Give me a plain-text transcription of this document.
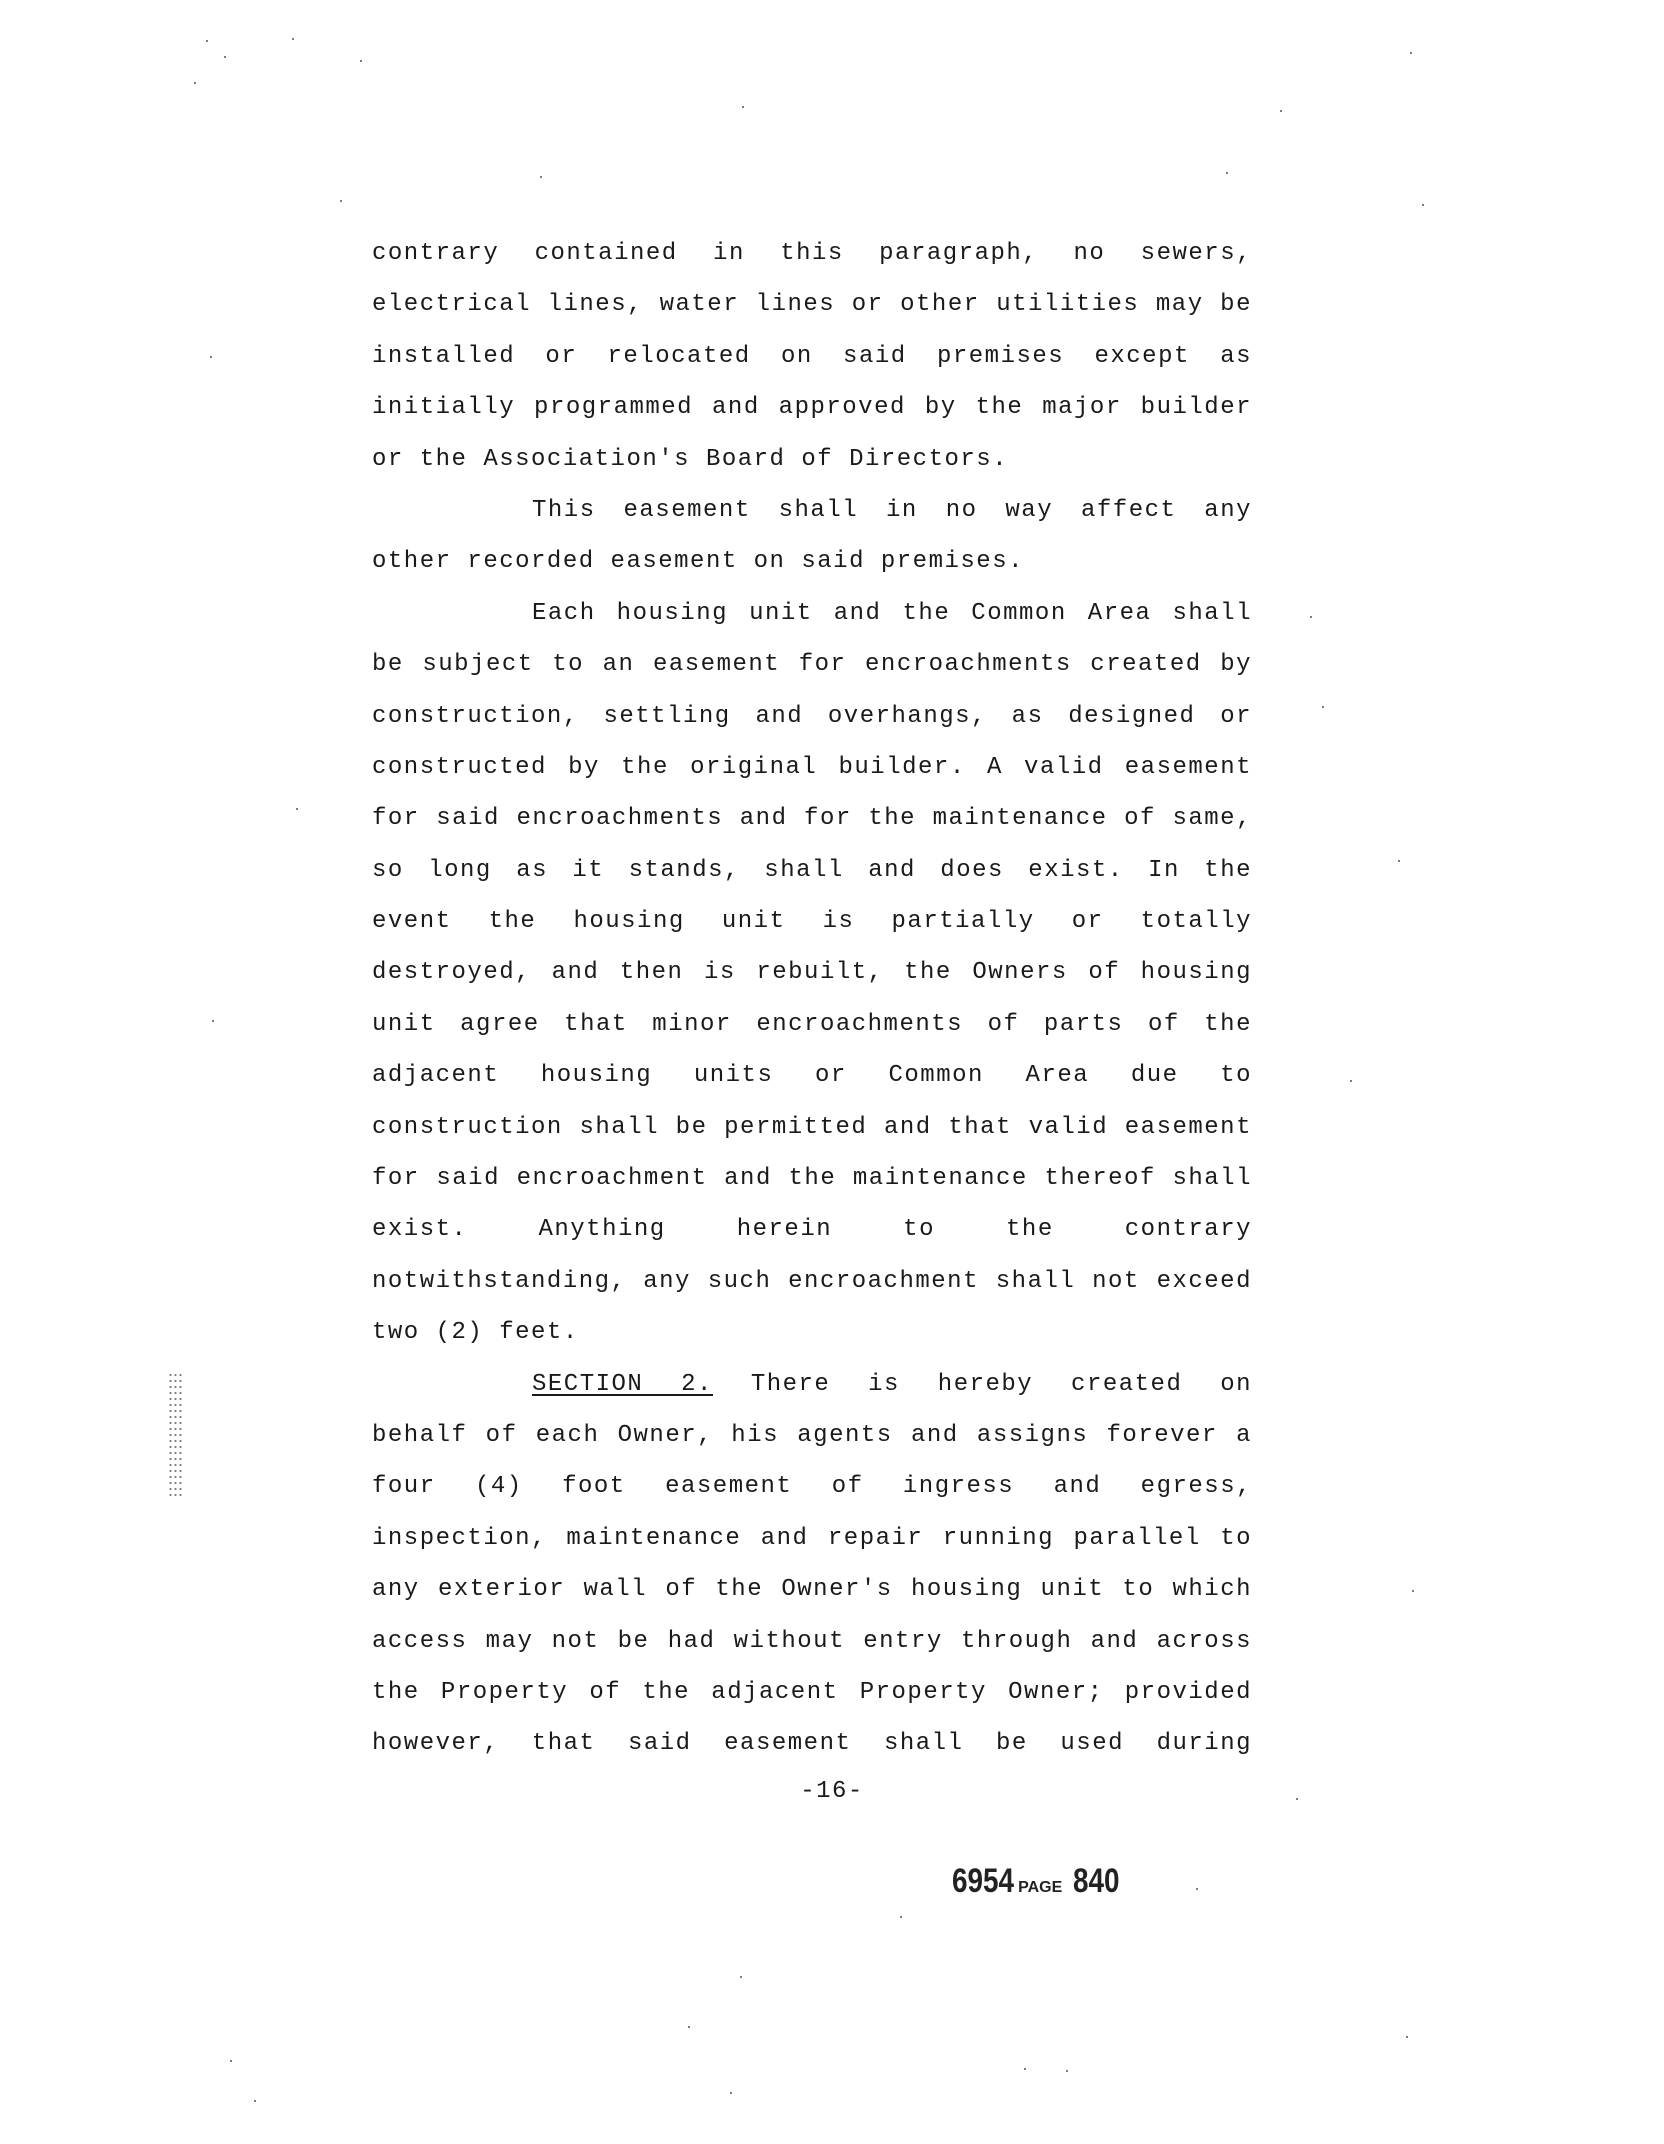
contrary contained in this paragraph, no sewers,
electrical lines, water lines or other utilities may be
installed or relocated on said premises except as
initially programmed and approved by the major builder
or the Association's Board of Directors.
This easement shall in no way affect any
other recorded easement on said premises.
Each housing unit and the Common Area shall
be subject to an easement for encroachments created by
construction, settling and overhangs, as designed or
constructed by the original builder. A valid easement
for said encroachments and for the maintenance of same,
so long as it stands, shall and does exist. In the
event the housing unit is partially or totally
destroyed, and then is rebuilt, the Owners of housing
unit agree that minor encroachments of parts of the
adjacent housing units or Common Area due to
construction shall be permitted and that valid easement
for said encroachment and the maintenance thereof shall
exist. Anything herein to the contrary
notwithstanding, any such encroachment shall not exceed
two (2) feet.
SECTION 2. There is hereby created on
behalf of each Owner, his agents and assigns forever a
four (4) foot easement of ingress and egress,
inspection, maintenance and repair running parallel to
any exterior wall of the Owner's housing unit to which
access may not be had without entry through and across
the Property of the adjacent Property Owner; provided
however, that said easement shall be used during
-16-
6954 PAGE 840
